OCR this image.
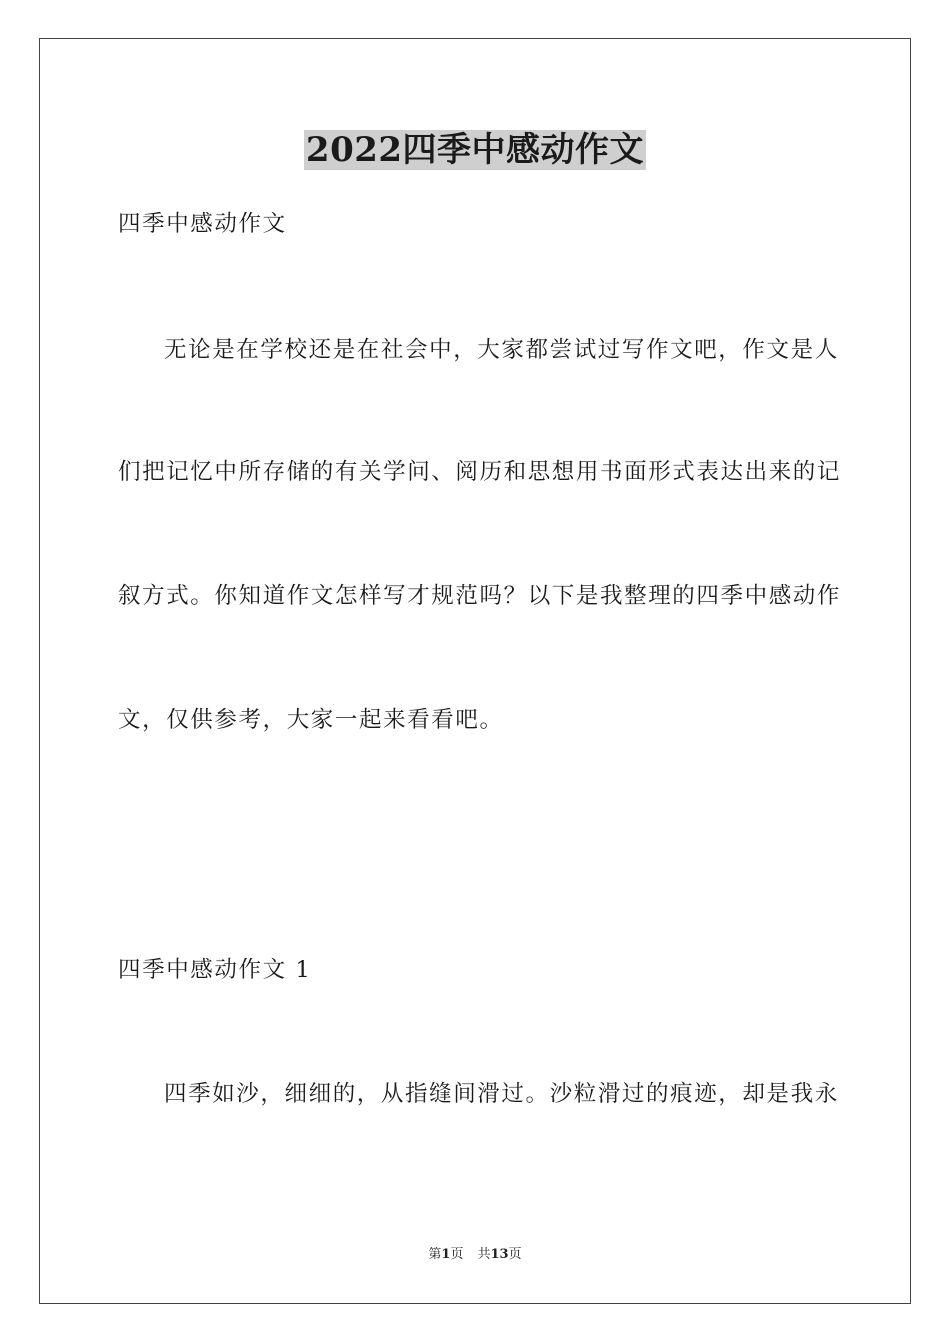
2022四季中感动作文
四季中感动作文
无论是在学校还是在社会中，大家都尝试过写作文吧，作文是人
们把记忆中所存储的有关学问、阅历和思想用书面形式表达出来的记
叙方式。你知道作文怎样写才规范吗？以下是我整理的四季中感动作
文，仅供参考，大家一起来看看吧。
四季中感动作文 1
四季如沙，细细的，从指缝间滑过。沙粒滑过的痕迹，却是我永
第1页 共13页
